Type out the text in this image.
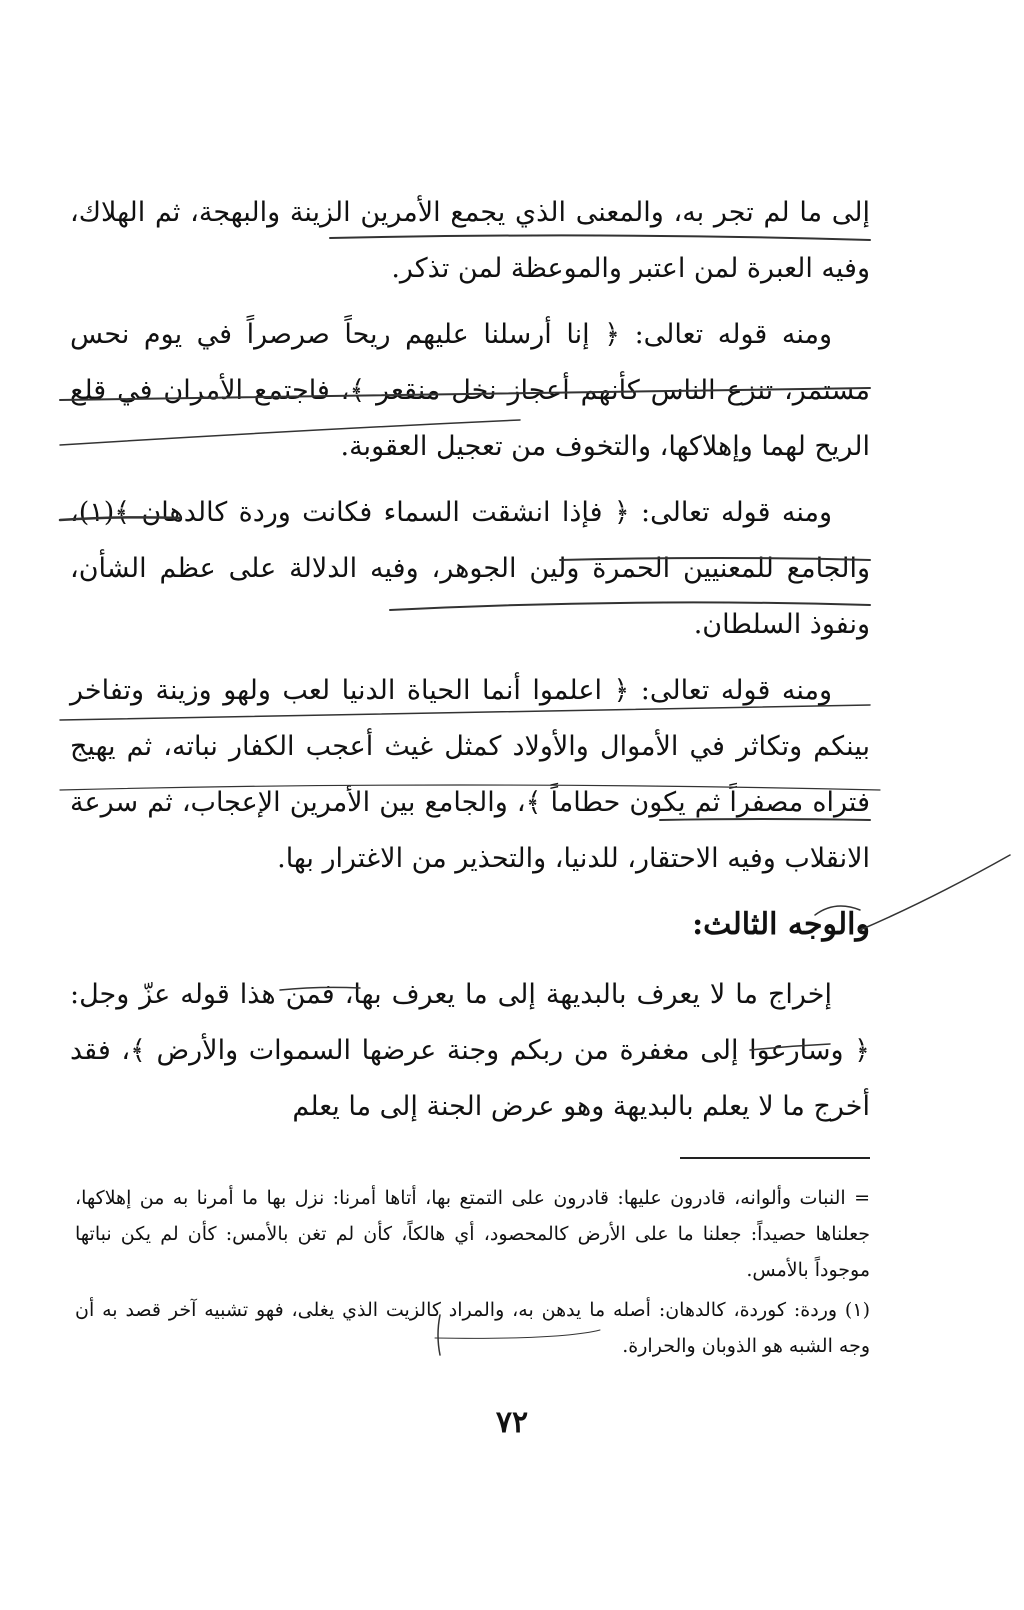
إلى ما لم تجر به، والمعنى الذي يجمع الأمرين الزينة والبهجة، ثم الهلاك، وفيه العبرة لمن اعتبر والموعظة لمن تذكر.

ومنه قوله تعالى: ﴿ إنا أرسلنا عليهم ريحاً صرصراً في يوم نحس مستمر، تنزع الناس كأنهم أعجاز نخل منقعر ﴾، فاجتمع الأمران في قلع الريح لهما وإهلاكها، والتخوف من تعجيل العقوبة.

ومنه قوله تعالى: ﴿ فإذا انشقت السماء فكانت وردة كالدهان ﴾(١)، والجامع للمعنيين الحمرة ولين الجوهر، وفيه الدلالة على عظم الشأن، ونفوذ السلطان.

ومنه قوله تعالى: ﴿ اعلموا أنما الحياة الدنيا لعب ولهو وزينة وتفاخر بينكم وتكاثر في الأموال والأولاد كمثل غيث أعجب الكفار نباته، ثم يهيج فتراه مصفراً ثم يكون حطاماً ﴾، والجامع بين الأمرين الإعجاب، ثم سرعة الانقلاب وفيه الاحتقار، للدنيا، والتحذير من الاغترار بها.

والوجه الثالث:

إخراج ما لا يعرف بالبديهة إلى ما يعرف بها، فمن هذا قوله عزّ وجل: ﴿ وسارعوا إلى مغفرة من ربكم وجنة عرضها السموات والأرض ﴾، فقد أخرج ما لا يعلم بالبديهة وهو عرض الجنة إلى ما يعلم

= النبات وألوانه، قادرون عليها: قادرون على التمتع بها، أتاها أمرنا: نزل بها ما أمرنا به من إهلاكها، جعلناها حصيداً: جعلنا ما على الأرض كالمحصود، أي هالكاً، كأن لم تغن بالأمس: كأن لم يكن نباتها موجوداً بالأمس.

(١) وردة: كوردة، كالدهان: أصله ما يدهن به، والمراد كالزيت الذي يغلى، فهو تشبيه آخر قصد به أن وجه الشبه هو الذوبان والحرارة.

٧٢
